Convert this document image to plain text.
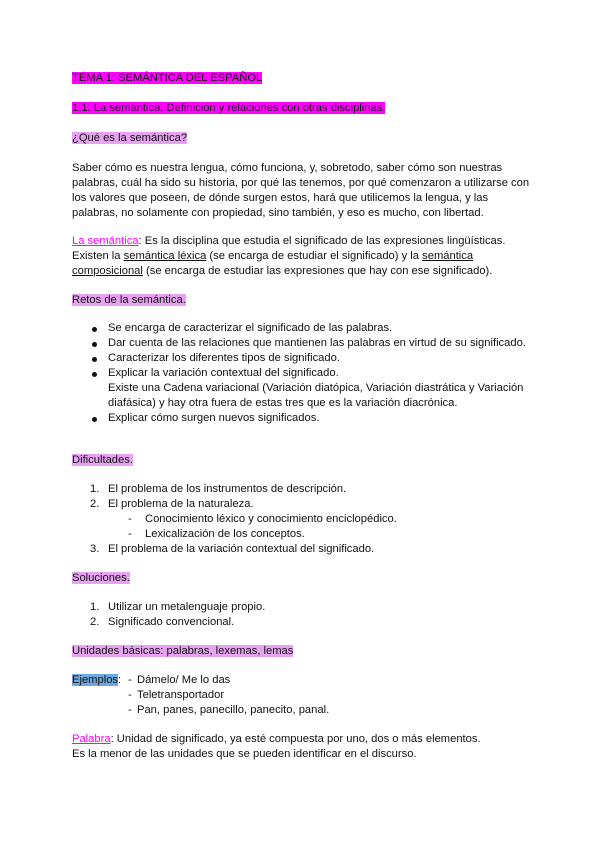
TEMA 1: SEMÁNTICA DEL ESPAÑOL
1.1. La semántica. Definición y relaciones con otras disciplinas.
¿Qué es la semántica?
Saber cómo es nuestra lengua, cómo funciona, y, sobretodo, saber cómo son nuestras
palabras, cuál ha sido su historia, por qué las tenemos, por qué comenzaron a utilizarse con
los valores que poseen, de dónde surgen estos, hará que utilicemos la lengua, y las
palabras, no solamente con propiedad, sino también, y eso es mucho, con libertad.
La semántica: Es la disciplina que estudia el significado de las expresiones lingüísticas.
Existen la semántica léxica (se encarga de estudiar el significado) y la semántica
composicional (se encarga de estudiar las expresiones que hay con ese significado).
Retos de la semántica.
Se encarga de caracterizar el significado de las palabras.
Dar cuenta de las relaciones que mantienen las palabras en virtud de su significado.
Caracterizar los diferentes tipos de significado.
Explicar la variación contextual del significado.
Existe una Cadena variacional (Variación diatópica, Variación diastrática y Variación
diafásica) y hay otra fuera de estas tres que es la variación diacrónica.
Explicar cómo surgen nuevos significados.
Dificultades.
1. El problema de los instrumentos de descripción.
2. El problema de la naturaleza.
- Conocimiento léxico y conocimiento enciclopédico.
- Lexicalización de los conceptos.
3. El problema de la variación contextual del significado.
Soluciones.
1. Utilizar un metalenguaje propio.
2. Significado convencional.
Unidades básicas: palabras, lexemas, lemas
Ejemplos: - Dámelo/ Me lo das
- Teletransportador
- Pan, panes, panecillo, panecito, panal.
Palabra: Unidad de significado, ya esté compuesta por uno, dos o más elementos.
Es la menor de las unidades que se pueden identificar en el discurso.
